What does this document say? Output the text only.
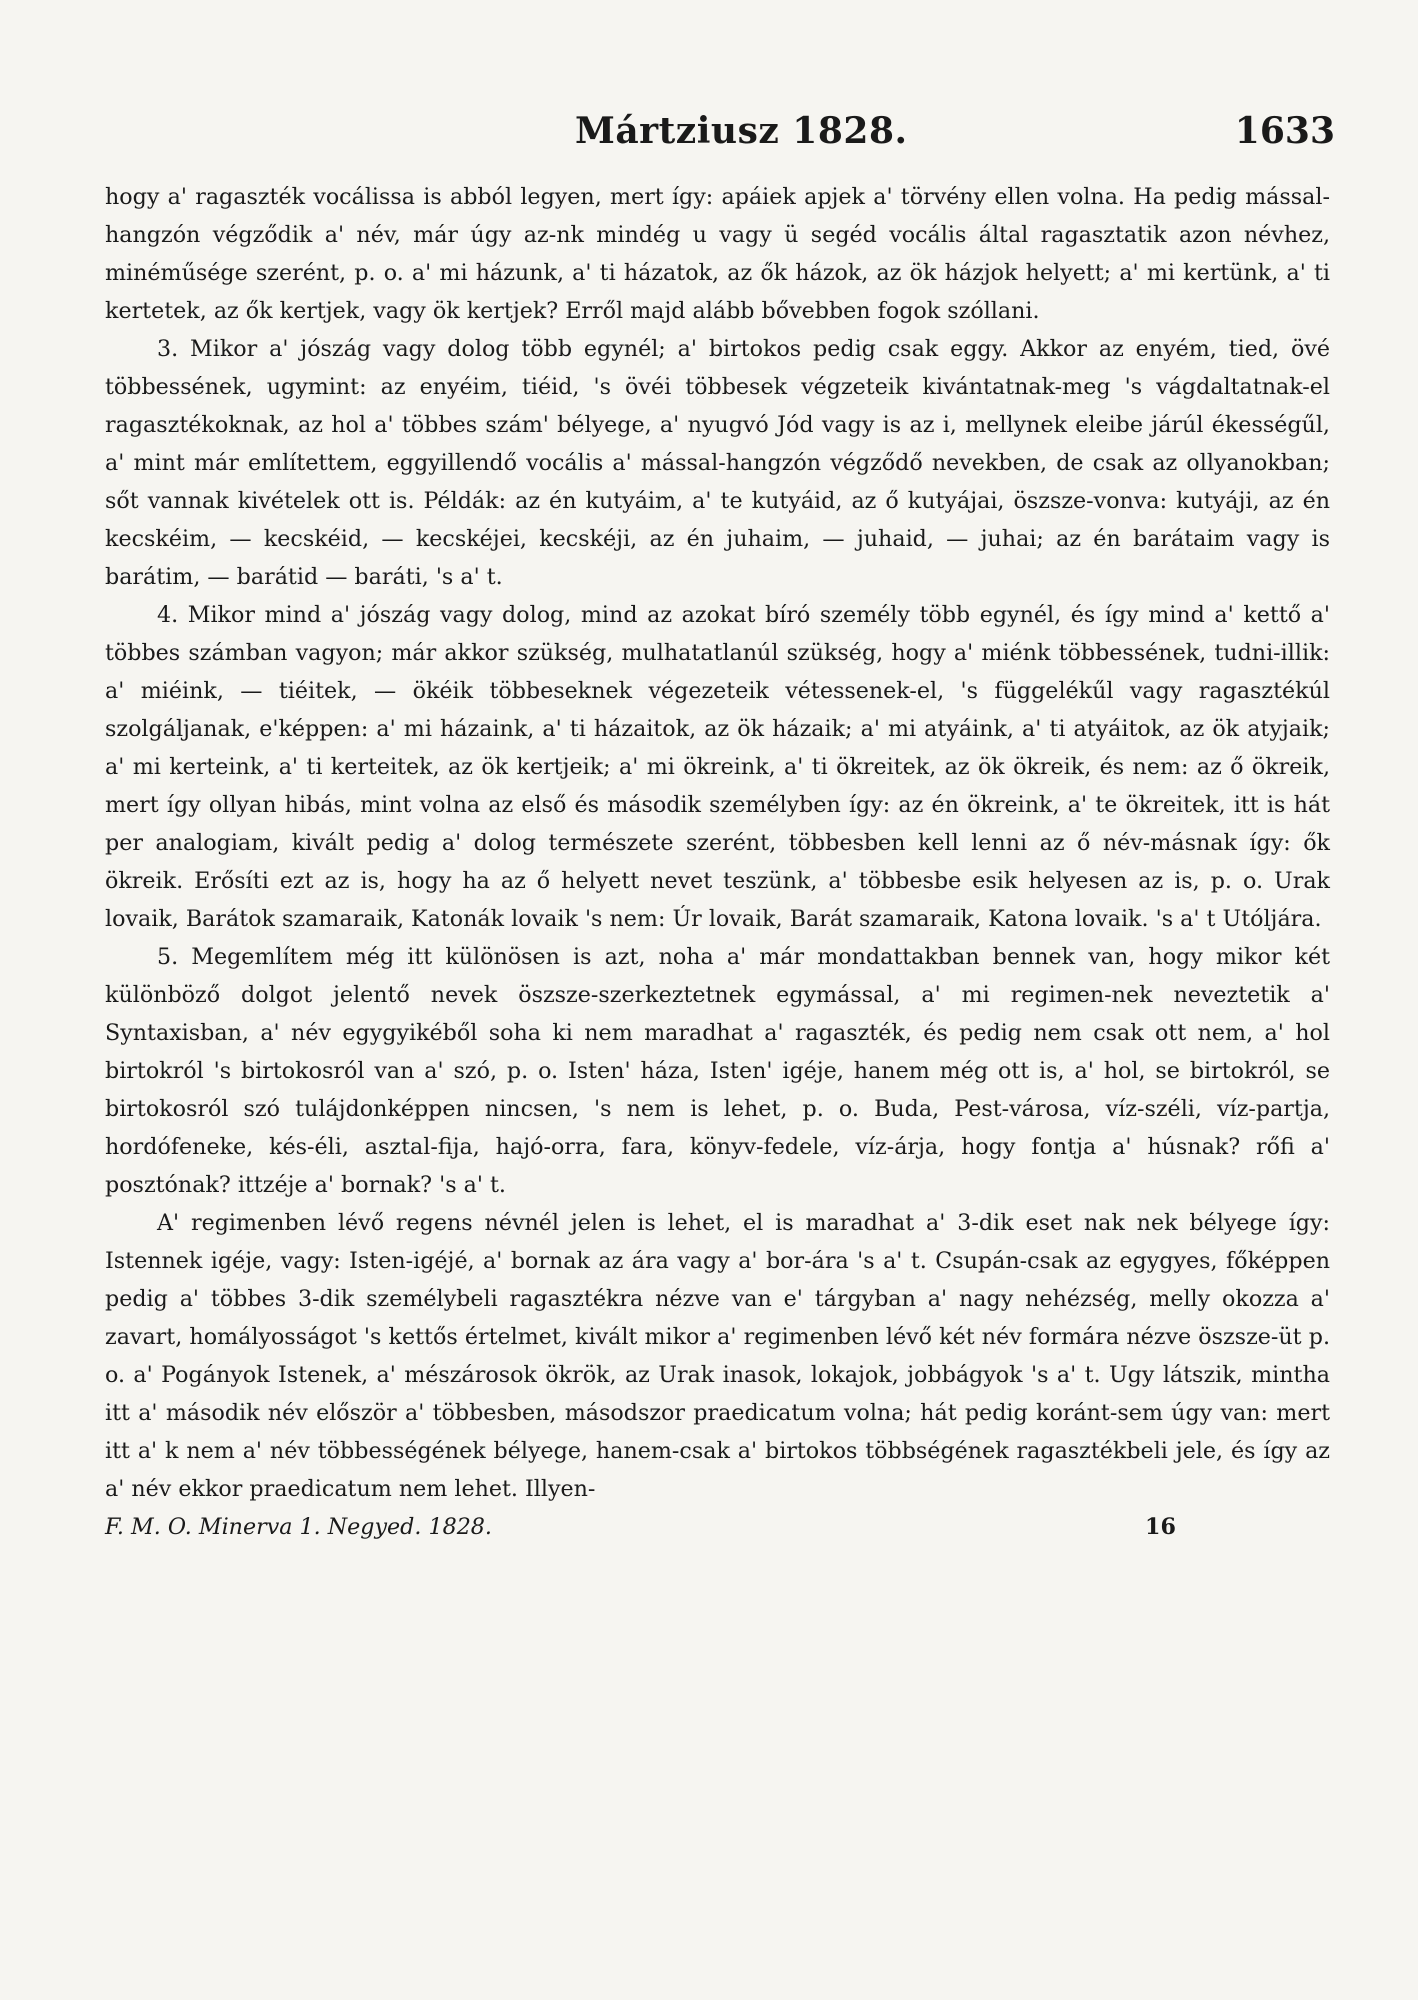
Mártziusz 1828.	1633

hogy a' ragaszték vocálissa is abból legyen, mert így: apáiek apjek a' törvény ellen volna. Ha pedig mással-hangzón végződik a' név, már úgy az-nk mindég u vagy ü segéd vocális által ragasztatik azon névhez, minéműsége szerént, p. o. a' mi házunk, a' ti házatok, az ők házok, az ök házjok helyett; a' mi kertünk, a' ti kertetek, az ők kertjek, vagy ök kertjek? Erről majd alább bővebben fogok szóllani.

3. Mikor a' jószág vagy dolog több egynél; a' birtokos pedig csak eggy. Akkor az enyém, tied, övé többessének, ugymint: az enyéim, tiéid, 's övéi többesek végzeteik kivántatnak-meg 's vágdaltatnak-el ragasztékoknak, az hol a' többes szám' bélyege, a' nyugvó Jód vagy is az i, mellynek eleibe járúl ékességűl, a' mint már említettem, eggyillendő vocális a' mással-hangzón végződő nevekben, de csak az ollyanokban; sőt vannak kivételek ott is. Példák: az én kutyáim, a' te kutyáid, az ő kutyájai, öszsze-vonva: kutyáji, az én kecskéim, — kecskéid, — kecskéjei, kecskéji, az én juhaim, — juhaid, — juhai; az én barátaim vagy is barátim, — barátid — baráti, 's a' t.

4. Mikor mind a' jószág vagy dolog, mind az azokat bíró személy több egynél, és így mind a' kettő a' többes számban vagyon; már akkor szükség, mulhatatlanúl szükség, hogy a' miénk többessének, tudni-illik: a' miéink, — tiéitek, — ökéik többeseknek végezeteik vétessenek-el, 's függelékűl vagy ragasztékúl szolgáljanak, e'képpen: a' mi házaink, a' ti házaitok, az ök házaik; a' mi atyáink, a' ti atyáitok, az ök atyjaik; a' mi kerteink, a' ti kerteitek, az ök kertjeik; a' mi ökreink, a' ti ökreitek, az ök ökreik, és nem: az ő ökreik, mert így ollyan hibás, mint volna az első és második személyben így: az én ökreink, a' te ökreitek, itt is hát per analogiam, kivált pedig a' dolog természete szerént, többesben kell lenni az ő név-másnak így: ők ökreik. Erősíti ezt az is, hogy ha az ő helyett nevet teszünk, a' többesbe esik helyesen az is, p. o. Urak lovaik, Barátok szamaraik, Katonák lovaik 's nem: Úr lovaik, Barát szamaraik, Katona lovaik. 's a' t Utóljára.

5. Megemlítem még itt különösen is azt, noha a' már mondattakban bennek van, hogy mikor két különböző dolgot jelentő nevek öszsze-szerkeztetnek egymással, a' mi regimen-nek neveztetik a' Syntaxisban, a' név egygyikéből soha ki nem maradhat a' ragaszték, és pedig nem csak ott nem, a' hol birtokról 's birtokosról van a' szó, p. o. Isten' háza, Isten' igéje, hanem még ott is, a' hol, se birtokról, se birtokosról szó tulájdonképpen nincsen, 's nem is lehet, p. o. Buda, Pest-városa, víz-széli, víz-partja, hordófeneke, kés-éli, asztal-fija, hajó-orra, fara, könyv-fedele, víz-árja, hogy fontja a' húsnak? rőfi a' posztónak? ittzéje a' bornak? 's a' t.

A' regimenben lévő regens névnél jelen is lehet, el is maradhat a' 3-dik eset nak nek bélyege így: Istennek igéje, vagy: Isten-igéjé, a' bornak az ára vagy a' bor-ára 's a' t. Csupán-csak az egygyes, főképpen pedig a' többes 3-dik személybeli ragasztékra nézve van e' tárgyban a' nagy nehézség, melly okozza a' zavart, homályosságot 's kettős értelmet, kivált mikor a' regimenben lévő két név formára nézve öszsze-üt p. o. a' Pogányok Istenek, a' mészárosok ökrök, az Urak inasok, lokajok, jobbágyok 's a' t. Ugy látszik, mintha itt a' második név először a' többesben, másodszor praedicatum volna; hát pedig koránt-sem úgy van: mert itt a' k nem a' név többességének bélyege, hanem-csak a' birtokos többségének ragasztékbeli jele, és így az a' név ekkor praedicatum nem lehet. Illyen-

F. M. O. Minerva 1. Negyed. 1828.	16
